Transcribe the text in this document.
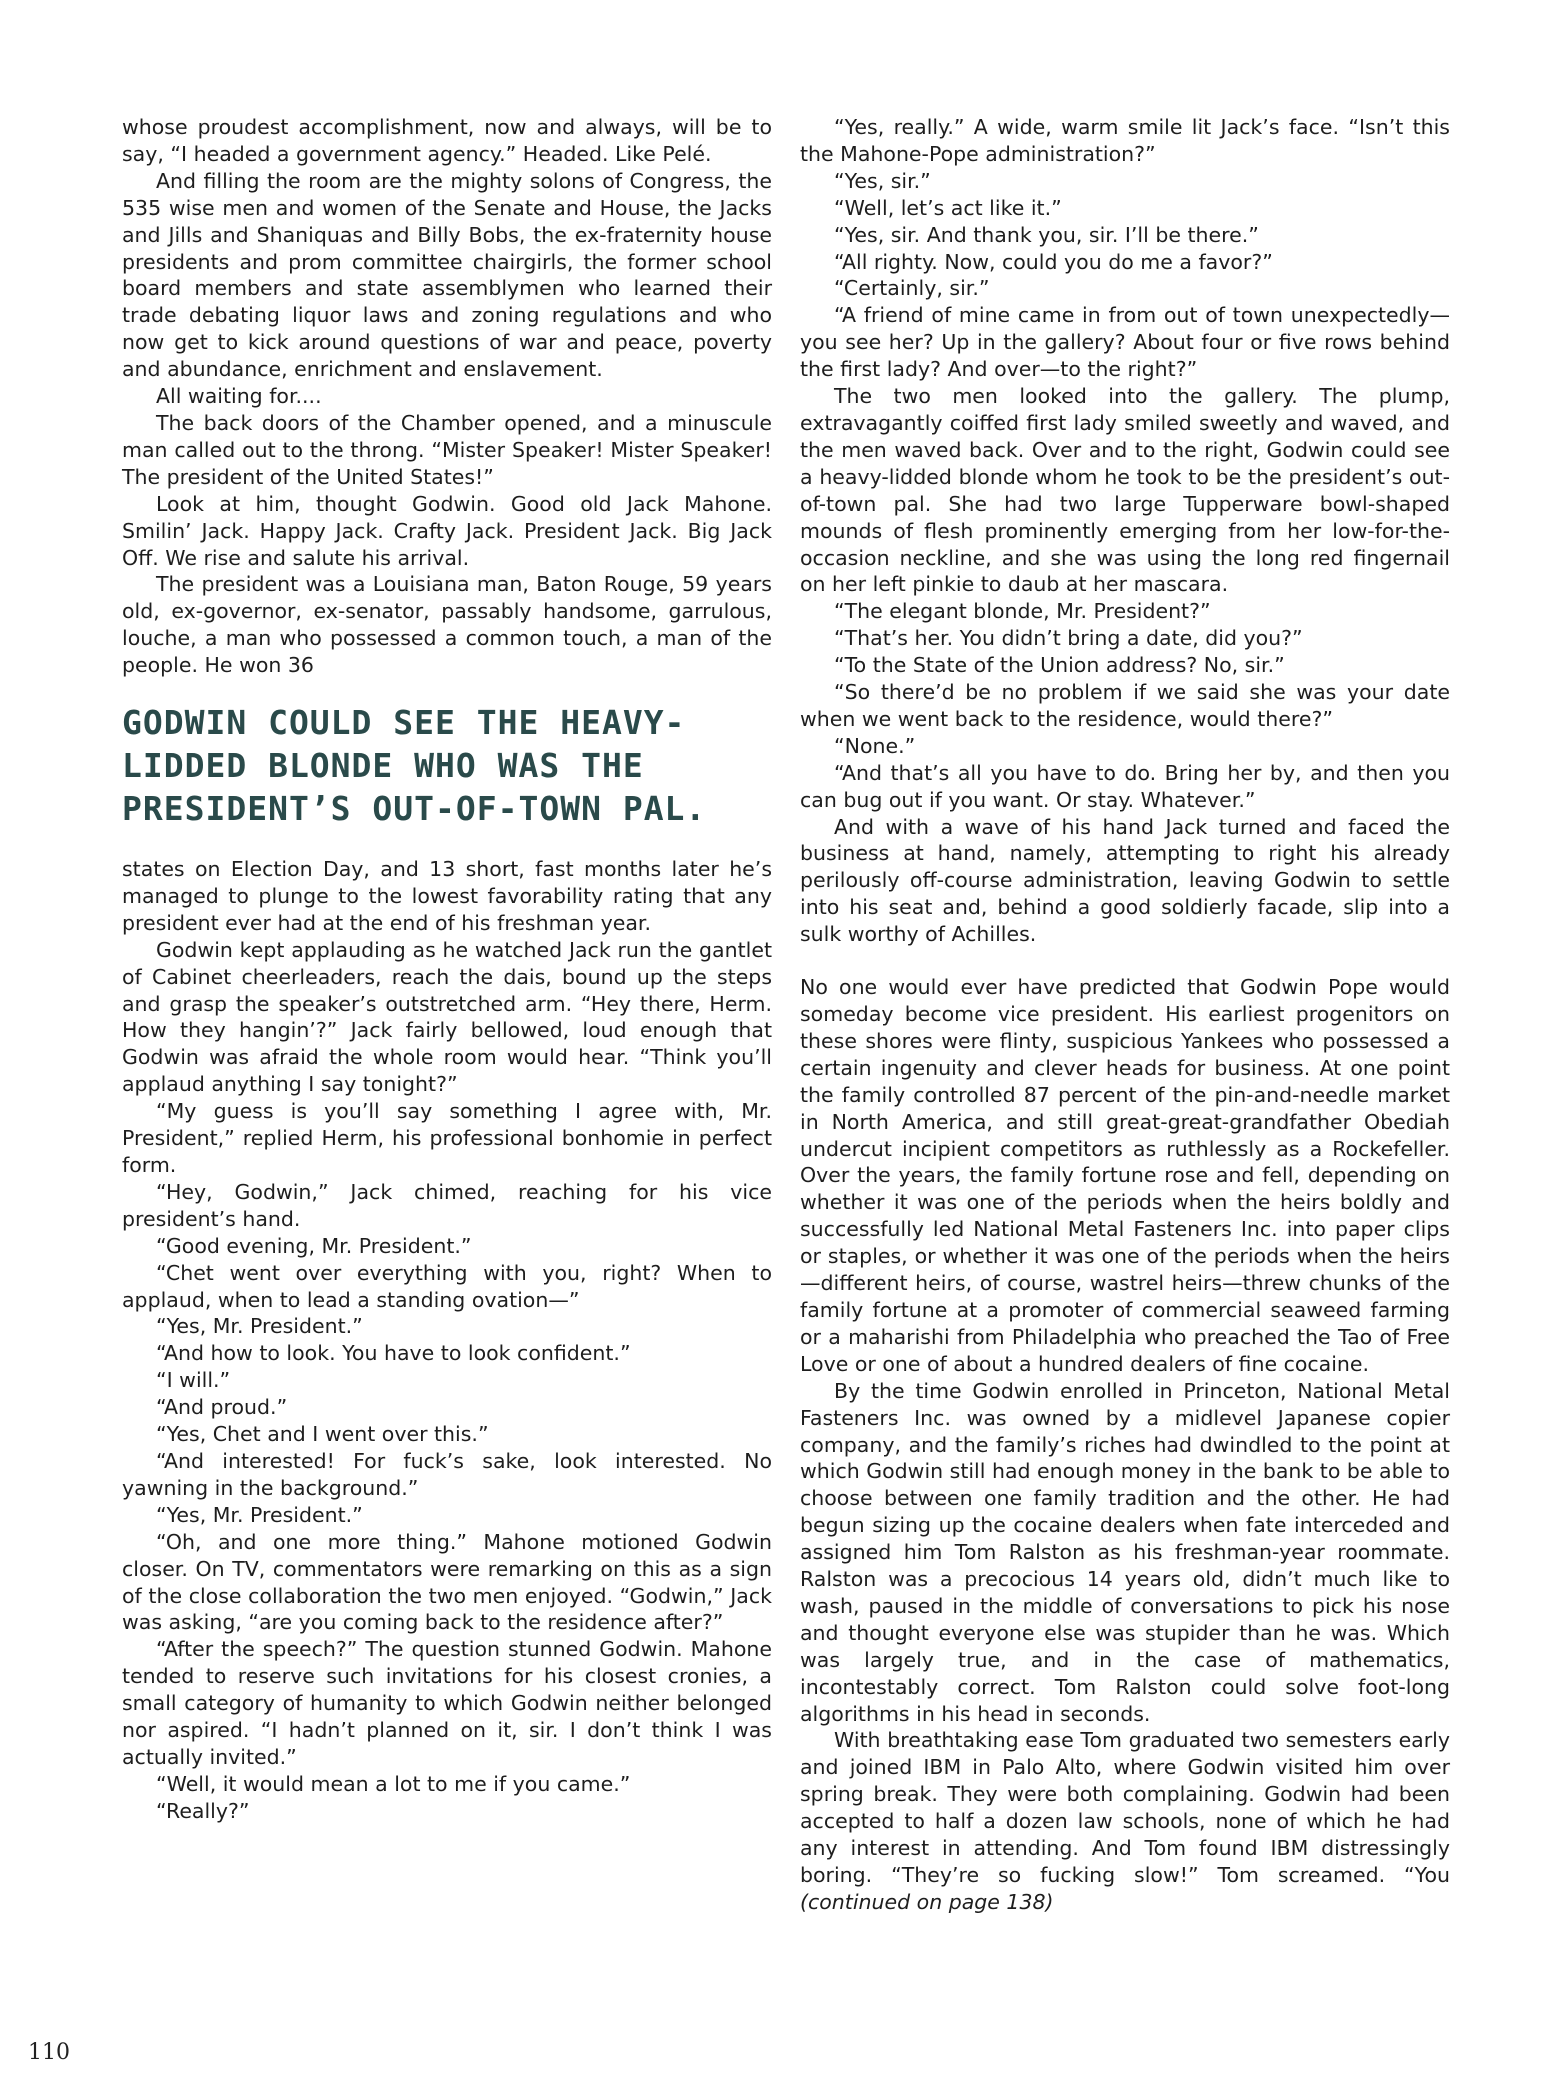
whose proudest accomplishment, now and always, will be to say, “I headed a government agency.” Headed. Like Pelé.

And filling the room are the mighty solons of Congress, the 535 wise men and women of the Senate and House, the Jacks and Jills and Shaniquas and Billy Bobs, the ex-fraternity house presidents and prom committee chairgirls, the former school board members and state assemblymen who learned their trade debating liquor laws and zoning regulations and who now get to kick around questions of war and peace, poverty and abundance, enrichment and enslavement.

All waiting for....

The back doors of the Chamber opened, and a minuscule man called out to the throng. “Mister Speaker! Mister Speaker! The president of the United States!”

Look at him, thought Godwin. Good old Jack Mahone. Smilin’ Jack. Happy Jack. Crafty Jack. President Jack. Big Jack Off. We rise and salute his arrival.

The president was a Louisiana man, Baton Rouge, 59 years old, ex-governor, ex-senator, passably handsome, garrulous, louche, a man who possessed a common touch, a man of the people. He won 36

GODWIN COULD SEE THE HEAVY-LIDDED BLONDE WHO WAS THE PRESIDENT’S OUT-OF-TOWN PAL.

states on Election Day, and 13 short, fast months later he’s managed to plunge to the lowest favorability rating that any president ever had at the end of his freshman year.

Godwin kept applauding as he watched Jack run the gantlet of Cabinet cheerleaders, reach the dais, bound up the steps and grasp the speaker’s outstretched arm. “Hey there, Herm. How they hangin’?” Jack fairly bellowed, loud enough that Godwin was afraid the whole room would hear. “Think you’ll applaud anything I say tonight?”

“My guess is you’ll say something I agree with, Mr. President,” replied Herm, his professional bonhomie in perfect form.

“Hey, Godwin,” Jack chimed, reaching for his vice president’s hand.

“Good evening, Mr. President.”

“Chet went over everything with you, right? When to applaud, when to lead a standing ovation—”

“Yes, Mr. President.”

“And how to look. You have to look confident.”

“I will.”

“And proud.”

“Yes, Chet and I went over this.”

“And interested! For fuck’s sake, look interested. No yawning in the background.”

“Yes, Mr. President.”

“Oh, and one more thing.” Mahone motioned Godwin closer. On TV, commentators were remarking on this as a sign of the close collaboration the two men enjoyed. “Godwin,” Jack was asking, “are you coming back to the residence after?”

“After the speech?” The question stunned Godwin. Mahone tended to reserve such invitations for his closest cronies, a small category of humanity to which Godwin neither belonged nor aspired. “I hadn’t planned on it, sir. I don’t think I was actually invited.”

“Well, it would mean a lot to me if you came.”

“Really?”

“Yes, really.” A wide, warm smile lit Jack’s face. “Isn’t this the Mahone-Pope administration?”

“Yes, sir.”

“Well, let’s act like it.”

“Yes, sir. And thank you, sir. I’ll be there.”

“All righty. Now, could you do me a favor?”

“Certainly, sir.”

“A friend of mine came in from out of town unexpectedly—you see her? Up in the gallery? About four or five rows behind the first lady? And over—to the right?”

The two men looked into the gallery. The plump, extravagantly coiffed first lady smiled sweetly and waved, and the men waved back. Over and to the right, Godwin could see a heavy-lidded blonde whom he took to be the president’s out-of-town pal. She had two large Tupperware bowl-shaped mounds of flesh prominently emerging from her low-for-the-occasion neckline, and she was using the long red fingernail on her left pinkie to daub at her mascara.

“The elegant blonde, Mr. President?”

“That’s her. You didn’t bring a date, did you?”

“To the State of the Union address? No, sir.”

“So there’d be no problem if we said she was your date when we went back to the residence, would there?”

“None.”

“And that’s all you have to do. Bring her by, and then you can bug out if you want. Or stay. Whatever.”

And with a wave of his hand Jack turned and faced the business at hand, namely, attempting to right his already perilously off-course administration, leaving Godwin to settle into his seat and, behind a good soldierly facade, slip into a sulk worthy of Achilles.

No one would ever have predicted that Godwin Pope would someday become vice president. His earliest progenitors on these shores were flinty, suspicious Yankees who possessed a certain ingenuity and clever heads for business. At one point the family controlled 87 percent of the pin-and-needle market in North America, and still great-great-grandfather Obediah undercut incipient competitors as ruthlessly as a Rockefeller. Over the years, the family fortune rose and fell, depending on whether it was one of the periods when the heirs boldly and successfully led National Metal Fasteners Inc. into paper clips or staples, or whether it was one of the periods when the heirs—different heirs, of course, wastrel heirs—threw chunks of the family fortune at a promoter of commercial seaweed farming or a maharishi from Philadelphia who preached the Tao of Free Love or one of about a hundred dealers of fine cocaine.

By the time Godwin enrolled in Princeton, National Metal Fasteners Inc. was owned by a midlevel Japanese copier company, and the family’s riches had dwindled to the point at which Godwin still had enough money in the bank to be able to choose between one family tradition and the other. He had begun sizing up the cocaine dealers when fate interceded and assigned him Tom Ralston as his freshman-year roommate. Ralston was a precocious 14 years old, didn’t much like to wash, paused in the middle of conversations to pick his nose and thought everyone else was stupider than he was. Which was largely true, and in the case of mathematics, incontestably correct. Tom Ralston could solve foot-long algorithms in his head in seconds.

With breathtaking ease Tom graduated two semesters early and joined IBM in Palo Alto, where Godwin visited him over spring break. They were both complaining. Godwin had been accepted to half a dozen law schools, none of which he had any interest in attending. And Tom found IBM distressingly boring. “They’re so fucking slow!” Tom screamed. “You (continued on page 138)

110
